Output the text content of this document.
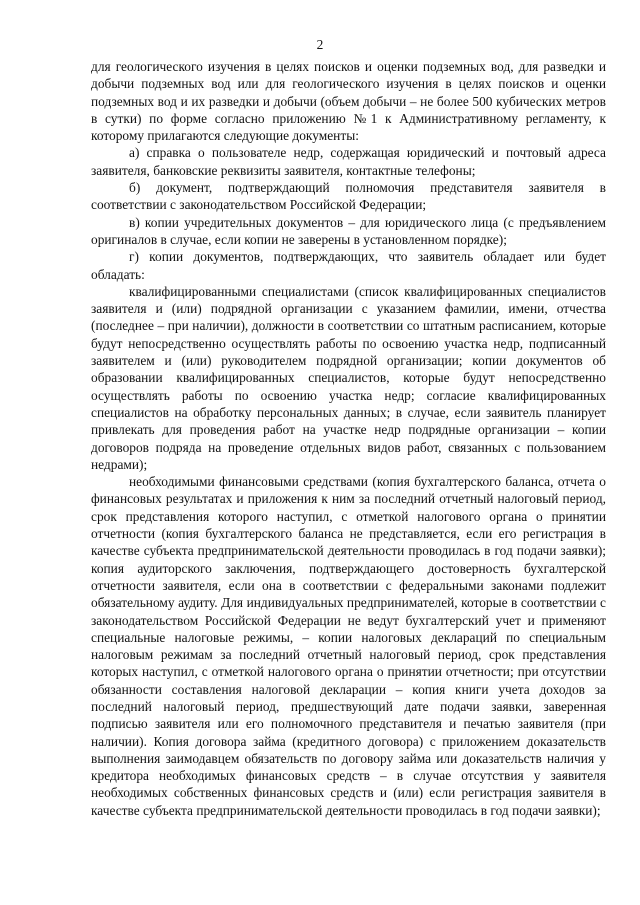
2

для геологического изучения в целях поисков и оценки подземных вод, для разведки и добычи подземных вод или для геологического изучения в целях поисков и оценки подземных вод и их разведки и добычи (объем добычи – не более 500 кубических метров в сутки) по форме согласно приложению №1 к Административному регламенту, к которому прилагаются следующие документы:

а) справка о пользователе недр, содержащая юридический и почтовый адреса заявителя, банковские реквизиты заявителя, контактные телефоны;

б) документ, подтверждающий полномочия представителя заявителя в соответствии с законодательством Российской Федерации;

в) копии учредительных документов – для юридического лица (с предъявлением оригиналов в случае, если копии не заверены в установленном порядке);

г) копии документов, подтверждающих, что заявитель обладает или будет обладать:

квалифицированными специалистами (список квалифицированных специалистов заявителя и (или) подрядной организации с указанием фамилии, имени, отчества (последнее – при наличии), должности в соответствии со штатным расписанием, которые будут непосредственно осуществлять работы по освоению участка недр, подписанный заявителем и (или) руководителем подрядной организации; копии документов об образовании квалифицированных специалистов, которые будут непосредственно осуществлять работы по освоению участка недр; согласие квалифицированных специалистов на обработку персональных данных; в случае, если заявитель планирует привлекать для проведения работ на участке недр подрядные организации – копии договоров подряда на проведение отдельных видов работ, связанных с пользованием недрами);

необходимыми финансовыми средствами (копия бухгалтерского баланса, отчета о финансовых результатах и приложения к ним за последний отчетный налоговый период, срок представления которого наступил, с отметкой налогового органа о принятии отчетности (копия бухгалтерского баланса не представляется, если его регистрация в качестве субъекта предпринимательской деятельности проводилась в год подачи заявки); копия аудиторского заключения, подтверждающего достоверность бухгалтерской отчетности заявителя, если она в соответствии с федеральными законами подлежит обязательному аудиту. Для индивидуальных предпринимателей, которые в соответствии с законодательством Российской Федерации не ведут бухгалтерский учет и применяют специальные налоговые режимы, – копии налоговых деклараций по специальным налоговым режимам за последний отчетный налоговый период, срок представления которых наступил, с отметкой налогового органа о принятии отчетности; при отсутствии обязанности составления налоговой декларации – копия книги учета доходов за последний налоговый период, предшествующий дате подачи заявки, заверенная подписью заявителя или его полномочного представителя и печатью заявителя (при наличии). Копия договора займа (кредитного договора) с приложением доказательств выполнения заимодавцем обязательств по договору займа или доказательств наличия у кредитора необходимых финансовых средств – в случае отсутствия у заявителя необходимых собственных финансовых средств и (или) если регистрация заявителя в качестве субъекта предпринимательской деятельности проводилась в год подачи заявки);
